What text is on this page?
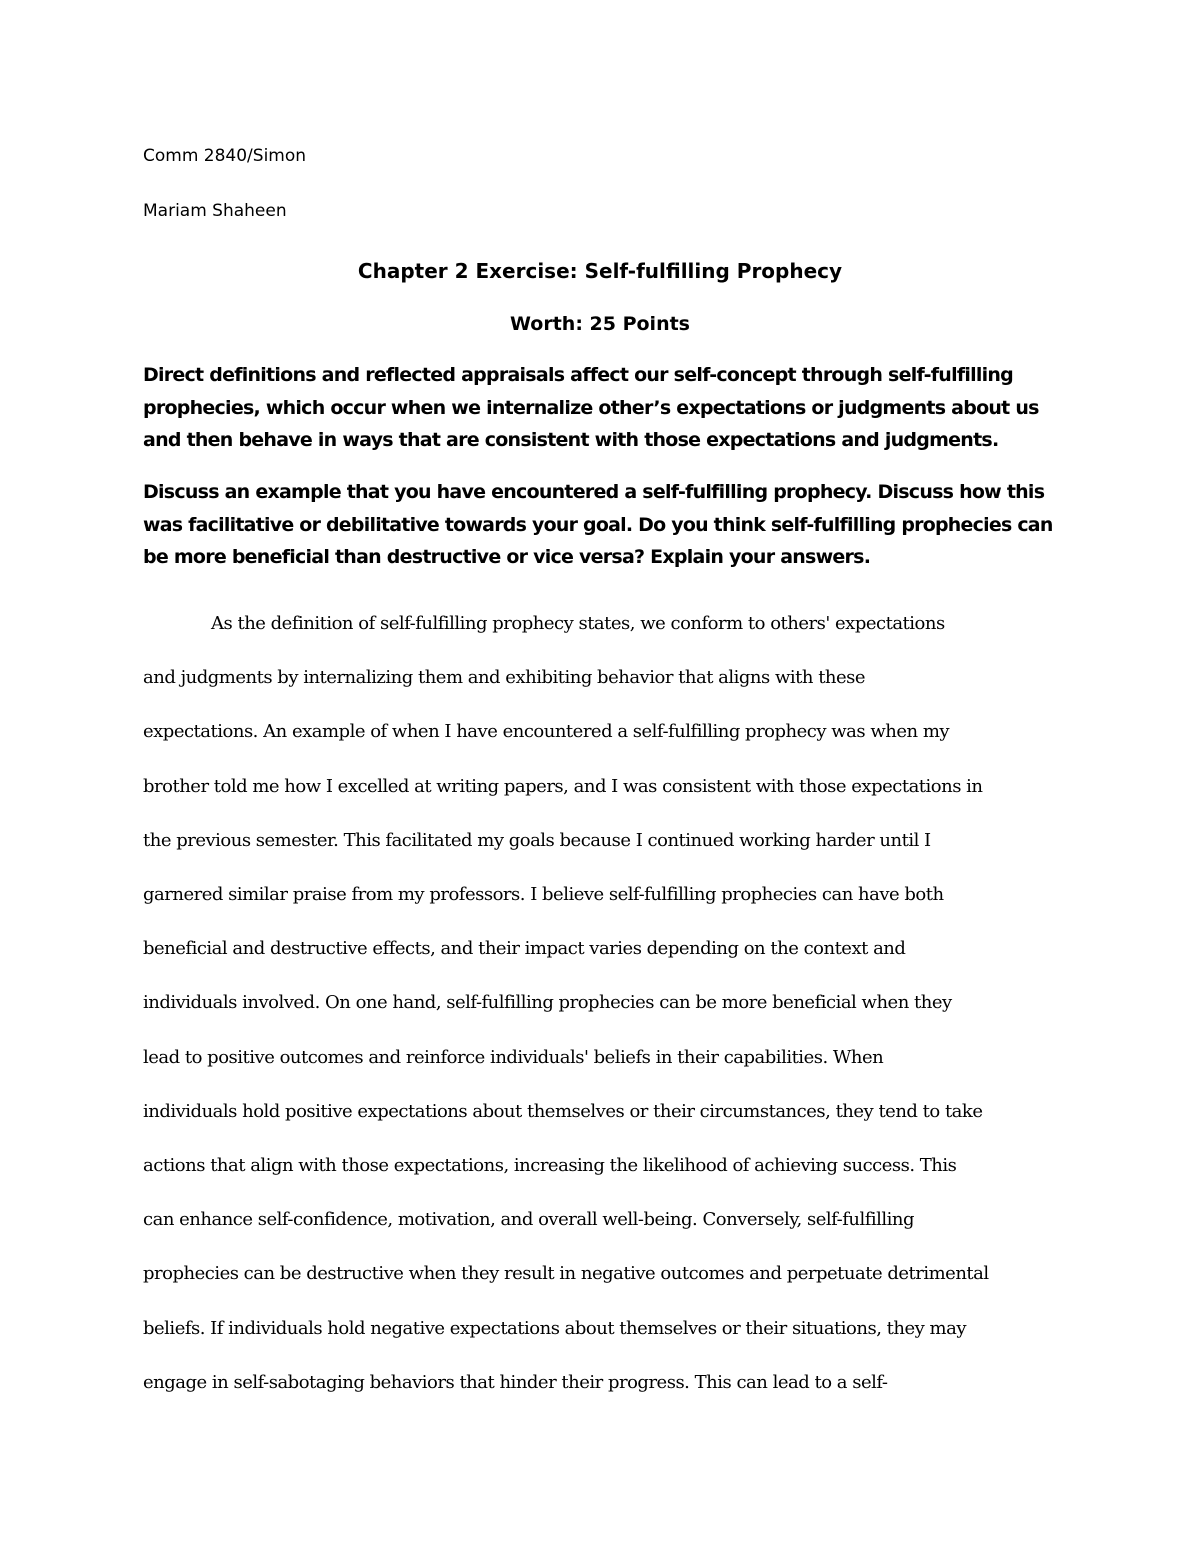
Comm 2840/Simon
Mariam Shaheen
Chapter 2 Exercise: Self-fulfilling Prophecy
Worth: 25 Points
Direct definitions and reflected appraisals affect our self-concept through self-fulfilling
prophecies, which occur when we internalize other’s expectations or judgments about us
and then behave in ways that are consistent with those expectations and judgments.
Discuss an example that you have encountered a self-fulfilling prophecy. Discuss how this
was facilitative or debilitative towards your goal. Do you think self-fulfilling prophecies can
be more beneficial than destructive or vice versa? Explain your answers.
As the definition of self-fulfilling prophecy states, we conform to others' expectations
and judgments by internalizing them and exhibiting behavior that aligns with these
expectations. An example of when I have encountered a self-fulfilling prophecy was when my
brother told me how I excelled at writing papers, and I was consistent with those expectations in
the previous semester. This facilitated my goals because I continued working harder until I
garnered similar praise from my professors. I believe self-fulfilling prophecies can have both
beneficial and destructive effects, and their impact varies depending on the context and
individuals involved. On one hand, self-fulfilling prophecies can be more beneficial when they
lead to positive outcomes and reinforce individuals' beliefs in their capabilities. When
individuals hold positive expectations about themselves or their circumstances, they tend to take
actions that align with those expectations, increasing the likelihood of achieving success. This
can enhance self-confidence, motivation, and overall well-being. Conversely, self-fulfilling
prophecies can be destructive when they result in negative outcomes and perpetuate detrimental
beliefs. If individuals hold negative expectations about themselves or their situations, they may
engage in self-sabotaging behaviors that hinder their progress. This can lead to a self-
